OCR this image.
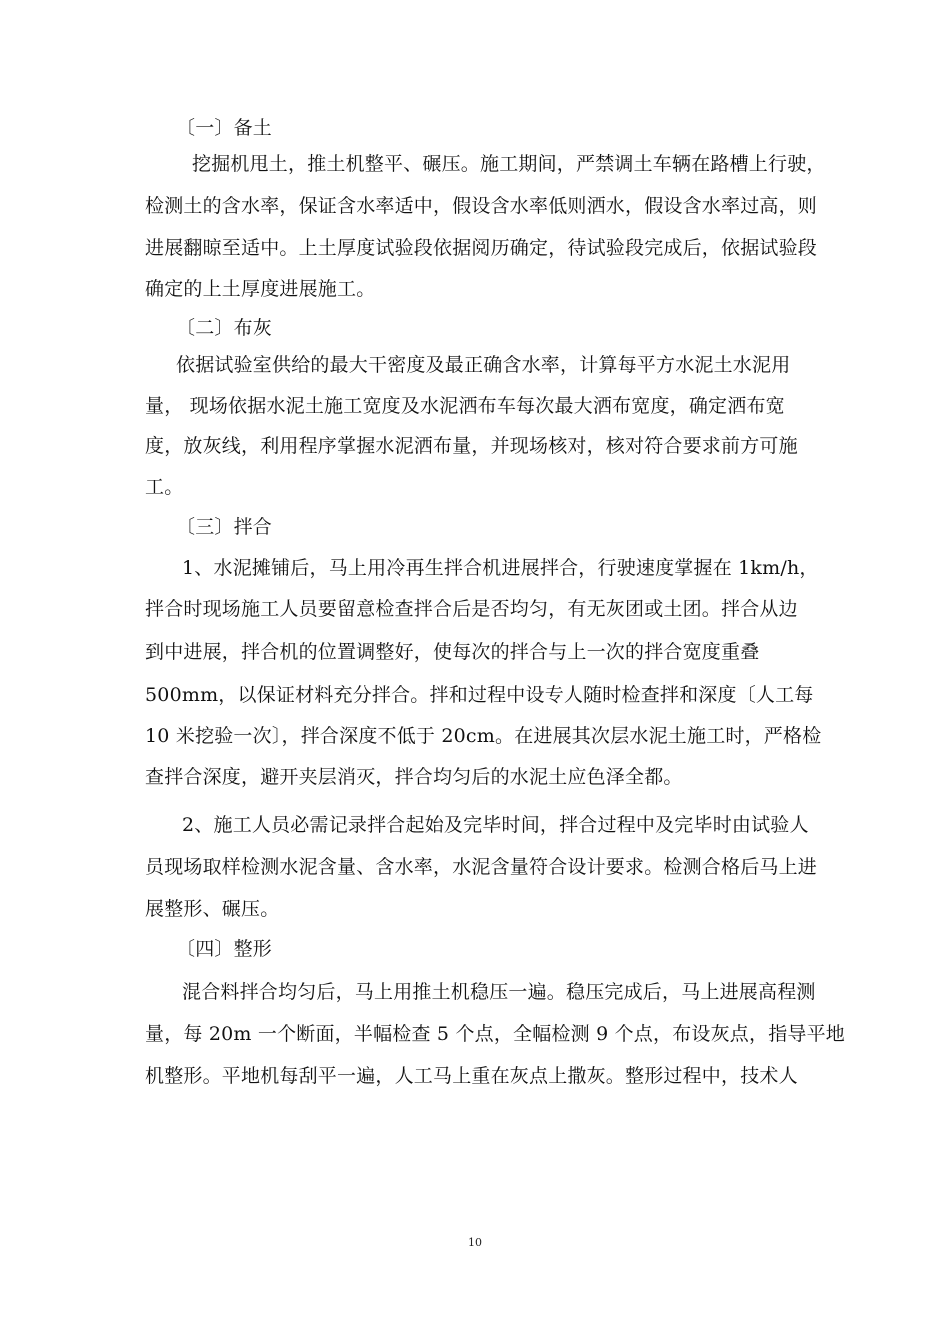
〔一〕备土
挖掘机甩土，推土机整平、碾压。施工期间，严禁调土车辆在路槽上行驶，
检测土的含水率，保证含水率适中，假设含水率低则洒水，假设含水率过高，则
进展翻晾至适中。上土厚度试验段依据阅历确定，待试验段完成后，依据试验段
确定的上土厚度进展施工。
〔二〕布灰
依据试验室供给的最大干密度及最正确含水率，计算每平方水泥土水泥用
量， 现场依据水泥土施工宽度及水泥洒布车每次最大洒布宽度，确定洒布宽
度，放灰线，利用程序掌握水泥洒布量，并现场核对，核对符合要求前方可施
工。
〔三〕拌合
1、水泥摊铺后，马上用冷再生拌合机进展拌合，行驶速度掌握在 1km/h，
拌合时现场施工人员要留意检查拌合后是否均匀，有无灰团或土团。拌合从边
到中进展，拌合机的位置调整好，使每次的拌合与上一次的拌合宽度重叠
500mm，以保证材料充分拌合。拌和过程中设专人随时检查拌和深度〔人工每
10 米挖验一次〕，拌合深度不低于 20cm。在进展其次层水泥土施工时，严格检
查拌合深度，避开夹层消灭，拌合均匀后的水泥土应色泽全都。
2、施工人员必需记录拌合起始及完毕时间，拌合过程中及完毕时由试验人
员现场取样检测水泥含量、含水率，水泥含量符合设计要求。检测合格后马上进
展整形、碾压。
〔四〕整形
混合料拌合均匀后，马上用推土机稳压一遍。稳压完成后，马上进展高程测
量，每 20m 一个断面，半幅检查 5 个点，全幅检测 9 个点，布设灰点，指导平地
机整形。平地机每刮平一遍，人工马上重在灰点上撒灰。整形过程中，技术人
10
